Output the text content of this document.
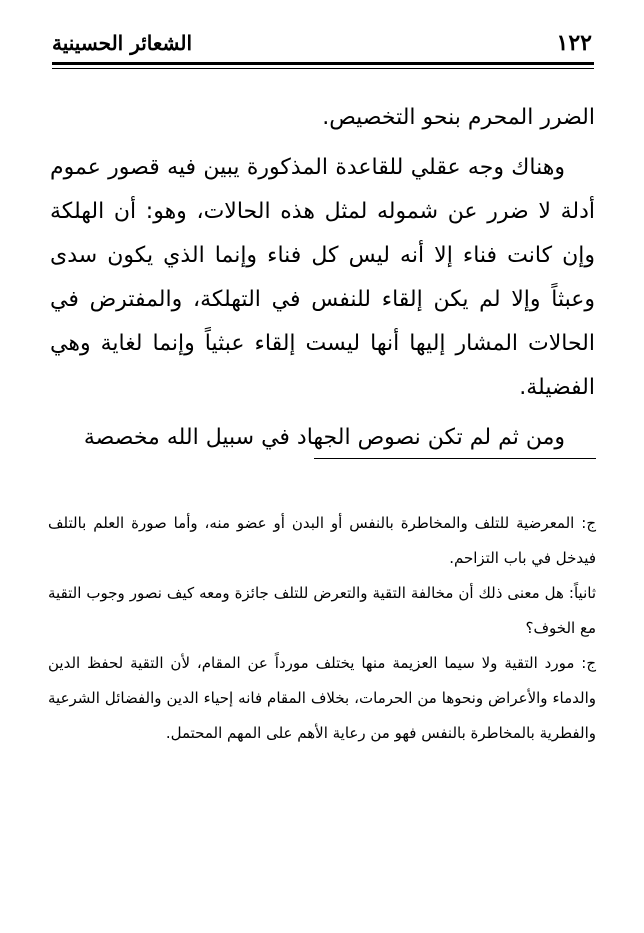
١٢٢
الشعائر الحسينية

الضرر المحرم بنحو التخصيص.

وهناك وجه عقلي للقاعدة المذكورة يبين فيه قصور عموم أدلة لا ضرر عن شموله لمثل هذه الحالات، وهو: أن الهلكة وإن كانت فناء إلا أنه ليس كل فناء وإنما الذي يكون سدى وعبثاً وإلا لم يكن إلقاء للنفس في التهلكة، والمفترض في الحالات المشار إليها أنها ليست إلقاء عبثياً وإنما لغاية وهي الفضيلة.

ومن ثم لم تكن نصوص الجهاد في سبيل الله مخصصة

ج: المعرضية للتلف والمخاطرة بالنفس أو البدن أو عضو منه، وأما صورة العلم بالتلف فيدخل في باب التزاحم.

ثانياً: هل معنى ذلك أن مخالفة التقية والتعرض للتلف جائزة ومعه كيف نصور وجوب التقية مع الخوف؟

ج: مورد التقية ولا سيما العزيمة منها يختلف مورداً عن المقام، لأن التقية لحفظ الدين والدماء والأعراض ونحوها من الحرمات، بخلاف المقام فانه إحياء الدين والفضائل الشرعية والفطرية بالمخاطرة بالنفس فهو من رعاية الأهم على المهم المحتمل.
